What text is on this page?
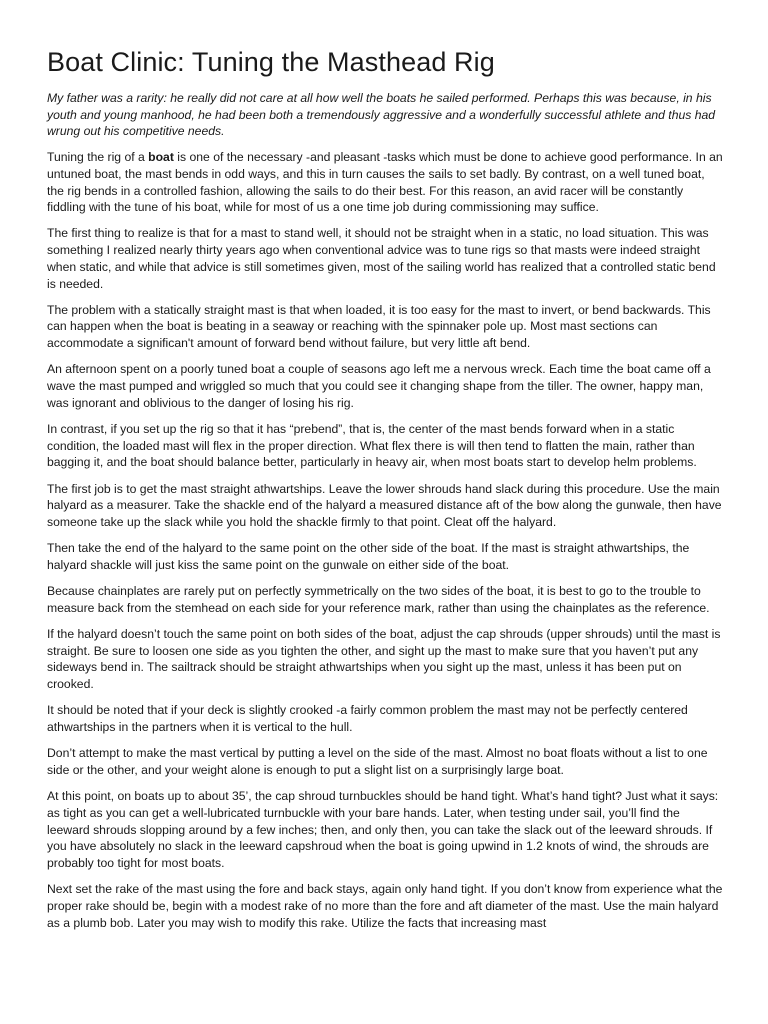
Boat Clinic: Tuning the Masthead Rig

My father was a rarity: he really did not care at all how well the boats he sailed performed. Perhaps this was because, in his youth and young manhood, he had been both a tremendously aggressive and a wonderfully successful athlete and thus had wrung out his competitive needs.

Tuning the rig of a boat is one of the necessary -and pleasant -tasks which must be done to achieve good performance. In an untuned boat, the mast bends in odd ways, and this in turn causes the sails to set badly. By contrast, on a well tuned boat, the rig bends in a controlled fashion, allowing the sails to do their best. For this reason, an avid racer will be constantly fiddling with the tune of his boat, while for most of us a one time job during commissioning may suffice.

The first thing to realize is that for a mast to stand well, it should not be straight when in a static, no load situation. This was something I realized nearly thirty years ago when conventional advice was to tune rigs so that masts were indeed straight when static, and while that advice is still sometimes given, most of the sailing world has realized that a controlled static bend is needed.

The problem with a statically straight mast is that when loaded, it is too easy for the mast to invert, or bend backwards. This can happen when the boat is beating in a seaway or reaching with the spinnaker pole up. Most mast sections can accommodate a significan't amount of forward bend without failure, but very little aft bend.

An afternoon spent on a poorly tuned boat a couple of seasons ago left me a nervous wreck. Each time the boat came off a wave the mast pumped and wriggled so much that you could see it changing shape from the tiller. The owner, happy man, was ignorant and oblivious to the danger of losing his rig.

In contrast, if you set up the rig so that it has “prebend”, that is, the center of the mast bends forward when in a static condition, the loaded mast will flex in the proper direction. What flex there is will then tend to flatten the main, rather than bagging it, and the boat should balance better, particularly in heavy air, when most boats start to develop helm problems.

The first job is to get the mast straight athwartships. Leave the lower shrouds hand slack during this procedure. Use the main halyard as a measurer. Take the shackle end of the halyard a measured distance aft of the bow along the gunwale, then have someone take up the slack while you hold the shackle firmly to that point. Cleat off the halyard.

Then take the end of the halyard to the same point on the other side of the boat. If the mast is straight athwartships, the halyard shackle will just kiss the same point on the gunwale on either side of the boat.

Because chainplates are rarely put on perfectly symmetrically on the two sides of the boat, it is best to go to the trouble to measure back from the stemhead on each side for your reference mark, rather than using the chainplates as the reference.

If the halyard doesn’t touch the same point on both sides of the boat, adjust the cap shrouds (upper shrouds) until the mast is straight. Be sure to loosen one side as you tighten the other, and sight up the mast to make sure that you haven’t put any sideways bend in. The sailtrack should be straight athwartships when you sight up the mast, unless it has been put on crooked.

It should be noted that if your deck is slightly crooked -a fairly common problem the mast may not be perfectly centered athwartships in the partners when it is vertical to the hull.

Don’t attempt to make the mast vertical by putting a level on the side of the mast. Almost no boat floats without a list to one side or the other, and your weight alone is enough to put a slight list on a surprisingly large boat.

At this point, on boats up to about 35’, the cap shroud turnbuckles should be hand tight. What’s hand tight? Just what it says: as tight as you can get a well-lubricated turnbuckle with your bare hands. Later, when testing under sail, you’ll find the leeward shrouds slopping around by a few inches; then, and only then, you can take the slack out of the leeward shrouds. If you have absolutely no slack in the leeward capshroud when the boat is going upwind in 1.2 knots of wind, the shrouds are probably too tight for most boats.

Next set the rake of the mast using the fore and back stays, again only hand tight. If you don’t know from experience what the proper rake should be, begin with a modest rake of no more than the fore and aft diameter of the mast. Use the main halyard as a plumb bob. Later you may wish to modify this rake. Utilize the facts that increasing mast
